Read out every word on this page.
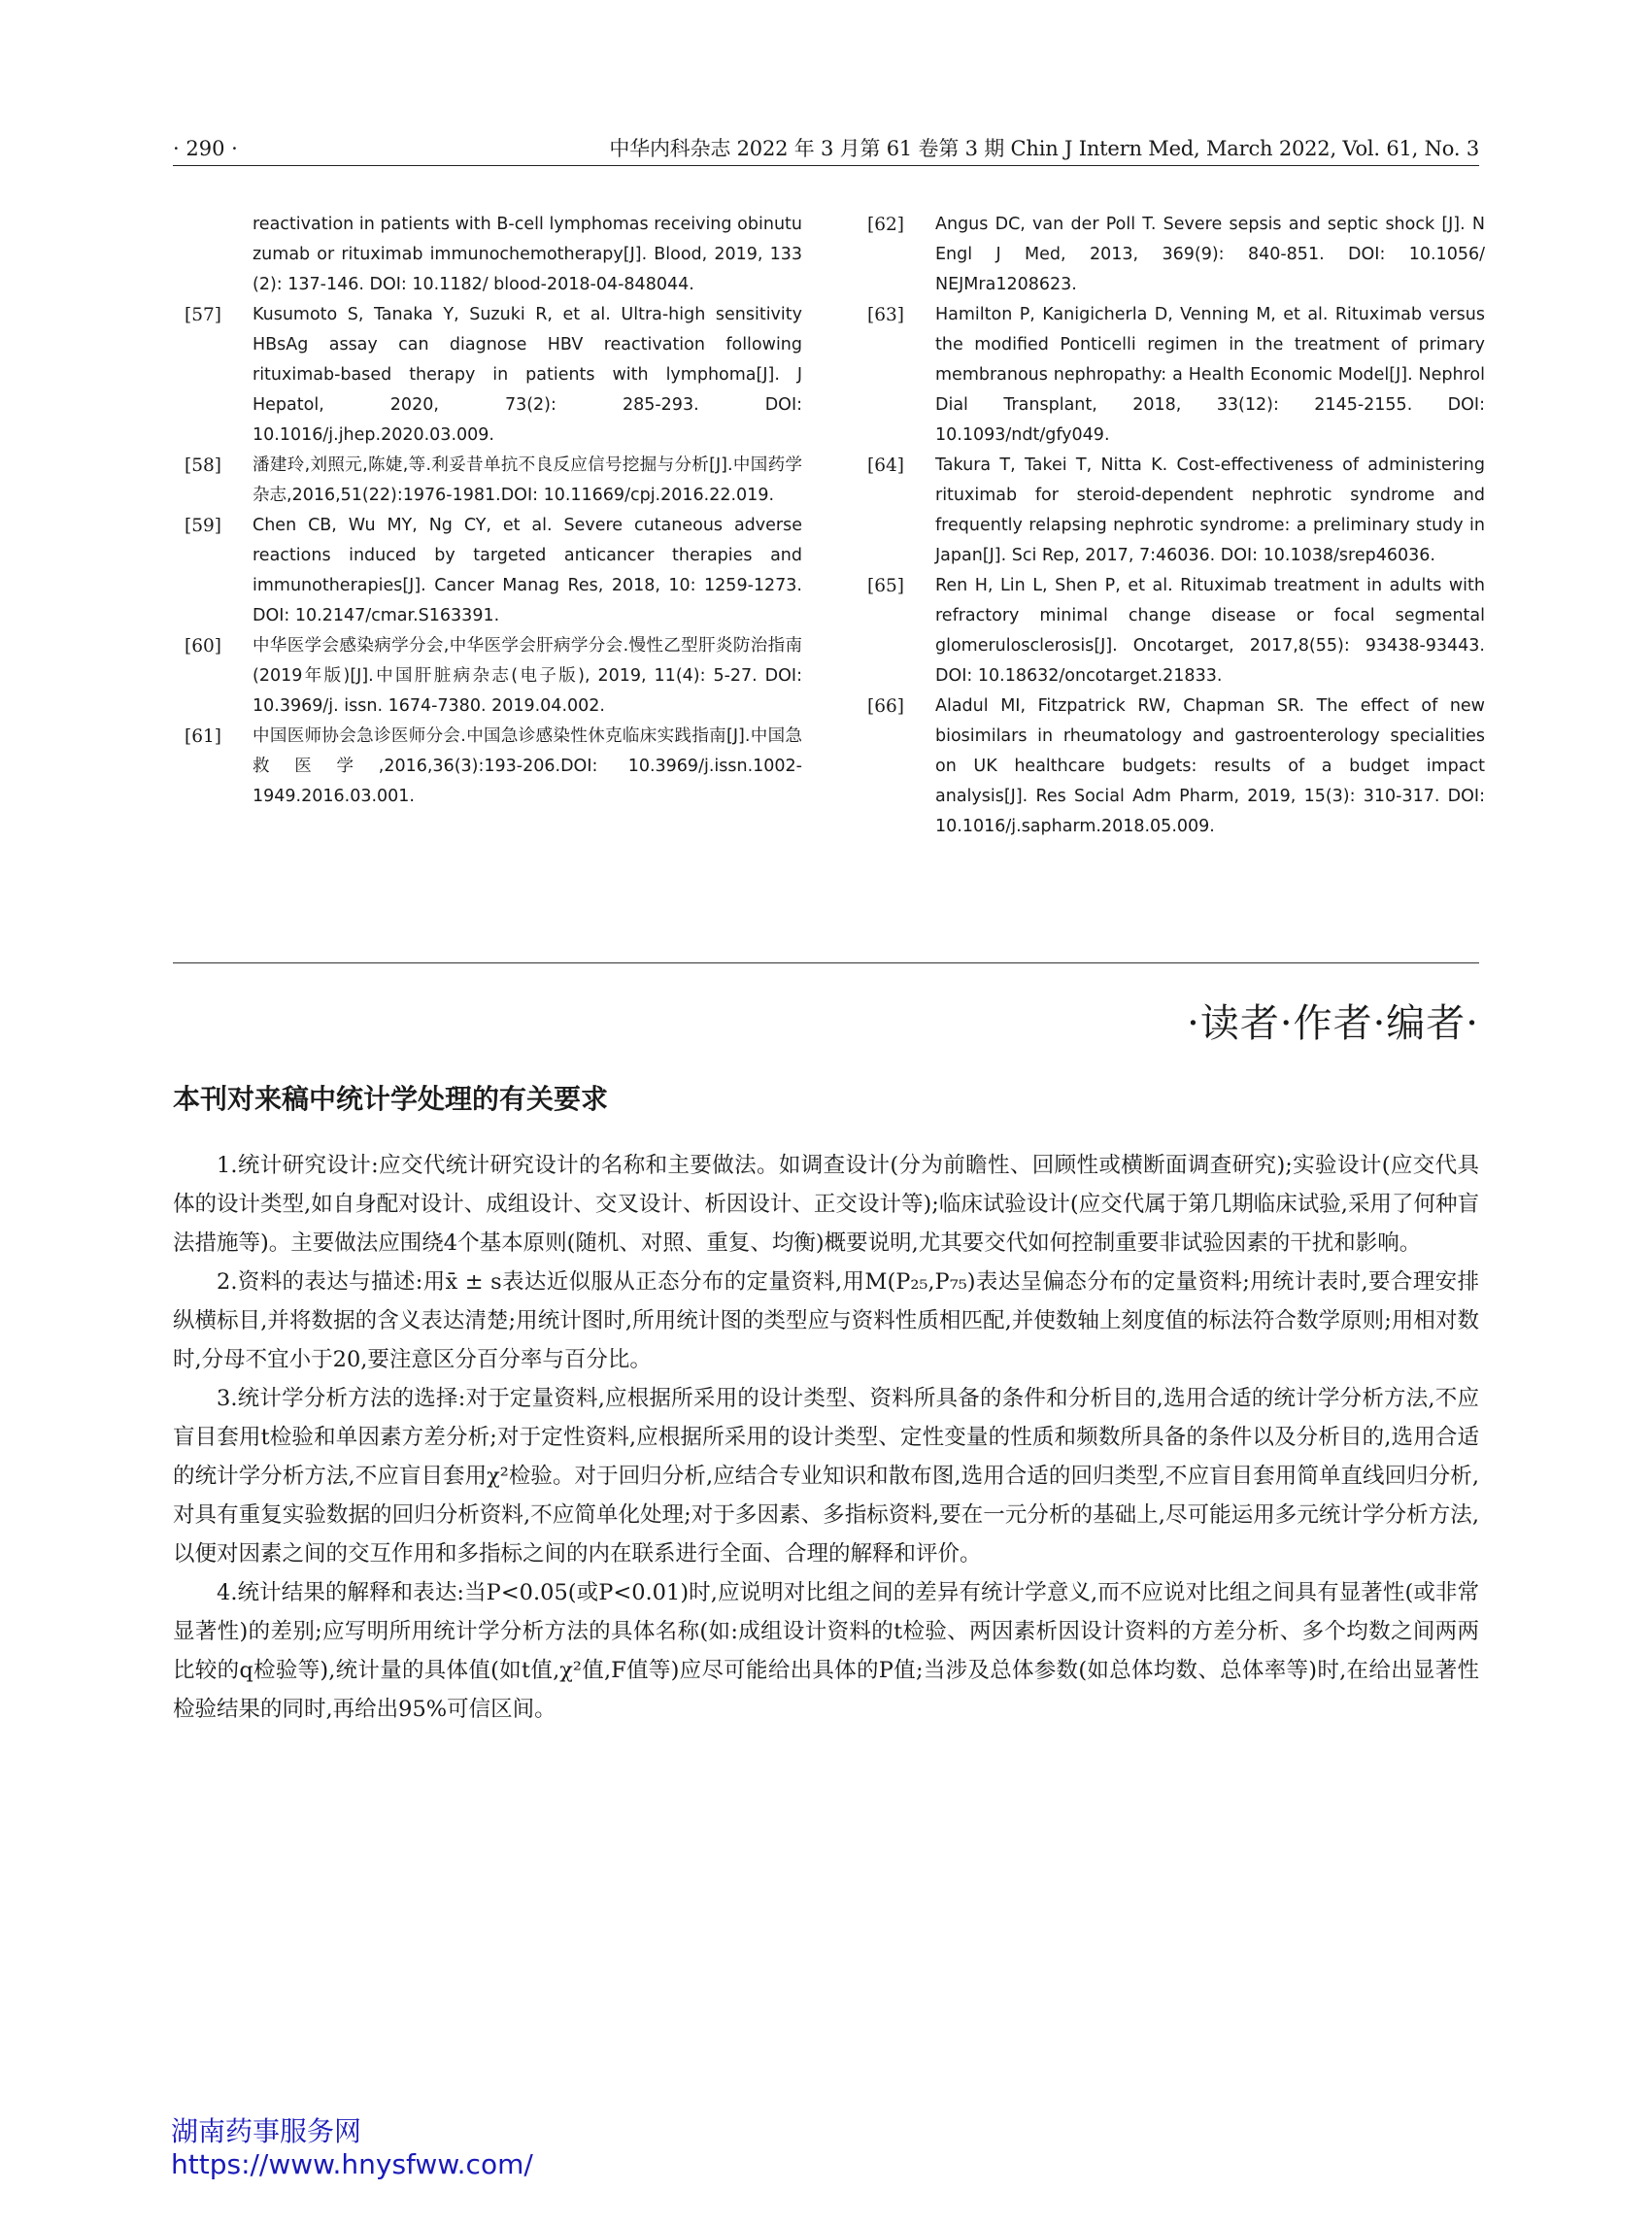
· 290 ·	中华内科杂志 2022 年 3 月第 61 卷第 3 期 Chin J Intern Med, March 2022, Vol. 61, No. 3
reactivation in patients with B-cell lymphomas receiving obinutuzumab or rituximab immunochemotherapy[J]. Blood, 2019, 133(2): 137-146. DOI: 10.1182/ blood-2018-04-848044.
[57]	Kusumoto S, Tanaka Y, Suzuki R, et al. Ultra-high sensitivity HBsAg assay can diagnose HBV reactivation following rituximab-based therapy in patients with lymphoma[J]. J Hepatol, 2020, 73(2): 285-293. DOI: 10.1016/j.jhep.2020.03.009.
[58]	潘建玲,刘照元,陈婕,等.利妥昔单抗不良反应信号挖掘与分析[J].中国药学杂志,2016,51(22):1976-1981.DOI: 10.11669/cpj.2016.22.019.
[59]	Chen CB, Wu MY, Ng CY, et al. Severe cutaneous adverse reactions induced by targeted anticancer therapies and immunotherapies[J]. Cancer Manag Res, 2018, 10: 1259-1273. DOI: 10.2147/cmar.S163391.
[60]	中华医学会感染病学分会,中华医学会肝病学分会.慢性乙型肝炎防治指南(2019年版)[J].中国肝脏病杂志(电子版), 2019, 11(4): 5-27. DOI: 10.3969/j. issn. 1674-7380. 2019.04.002.
[61]	中国医师协会急诊医师分会.中国急诊感染性休克临床实践指南[J].中国急救医学,2016,36(3):193-206.DOI: 10.3969/j.issn.1002-1949.2016.03.001.
[62]	Angus DC, van der Poll T. Severe sepsis and septic shock [J]. N Engl J Med, 2013, 369(9): 840-851. DOI: 10.1056/ NEJMra1208623.
[63]	Hamilton P, Kanigicherla D, Venning M, et al. Rituximab versus the modified Ponticelli regimen in the treatment of primary membranous nephropathy: a Health Economic Model[J]. Nephrol Dial Transplant, 2018, 33(12): 2145-2155. DOI: 10.1093/ndt/gfy049.
[64]	Takura T, Takei T, Nitta K. Cost-effectiveness of administering rituximab for steroid-dependent nephrotic syndrome and frequently relapsing nephrotic syndrome: a preliminary study in Japan[J]. Sci Rep, 2017, 7:46036. DOI: 10.1038/srep46036.
[65]	Ren H, Lin L, Shen P, et al. Rituximab treatment in adults with refractory minimal change disease or focal segmental glomerulosclerosis[J]. Oncotarget, 2017,8(55): 93438-93443. DOI: 10.18632/oncotarget.21833.
[66]	Aladul MI, Fitzpatrick RW, Chapman SR. The effect of new biosimilars in rheumatology and gastroenterology specialities on UK healthcare budgets: results of a budget impact analysis[J]. Res Social Adm Pharm, 2019, 15(3): 310-317. DOI: 10.1016/j.sapharm.2018.05.009.
·读者·作者·编者·
本刊对来稿中统计学处理的有关要求

1.统计研究设计:应交代统计研究设计的名称和主要做法。如调查设计(分为前瞻性、回顾性或横断面调查研究);实验设计(应交代具体的设计类型,如自身配对设计、成组设计、交叉设计、析因设计、正交设计等);临床试验设计(应交代属于第几期临床试验,采用了何种盲法措施等)。主要做法应围绕4个基本原则(随机、对照、重复、均衡)概要说明,尤其要交代如何控制重要非试验因素的干扰和影响。

2.资料的表达与描述:用x̄ ± s表达近似服从正态分布的定量资料,用M(P₂₅,P₇₅)表达呈偏态分布的定量资料;用统计表时,要合理安排纵横标目,并将数据的含义表达清楚;用统计图时,所用统计图的类型应与资料性质相匹配,并使数轴上刻度值的标法符合数学原则;用相对数时,分母不宜小于20,要注意区分百分率与百分比。

3.统计学分析方法的选择:对于定量资料,应根据所采用的设计类型、资料所具备的条件和分析目的,选用合适的统计学分析方法,不应盲目套用t检验和单因素方差分析;对于定性资料,应根据所采用的设计类型、定性变量的性质和频数所具备的条件以及分析目的,选用合适的统计学分析方法,不应盲目套用χ²检验。对于回归分析,应结合专业知识和散布图,选用合适的回归类型,不应盲目套用简单直线回归分析,对具有重复实验数据的回归分析资料,不应简单化处理;对于多因素、多指标资料,要在一元分析的基础上,尽可能运用多元统计学分析方法,以便对因素之间的交互作用和多指标之间的内在联系进行全面、合理的解释和评价。

4.统计结果的解释和表达:当P<0.05(或P<0.01)时,应说明对比组之间的差异有统计学意义,而不应说对比组之间具有显著性(或非常显著性)的差别;应写明所用统计学分析方法的具体名称(如:成组设计资料的t检验、两因素析因设计资料的方差分析、多个均数之间两两比较的q检验等),统计量的具体值(如t值,χ²值,F值等)应尽可能给出具体的P值;当涉及总体参数(如总体均数、总体率等)时,在给出显著性检验结果的同时,再给出95%可信区间。

湖南药事服务网
https://www.hnysfww.com/
